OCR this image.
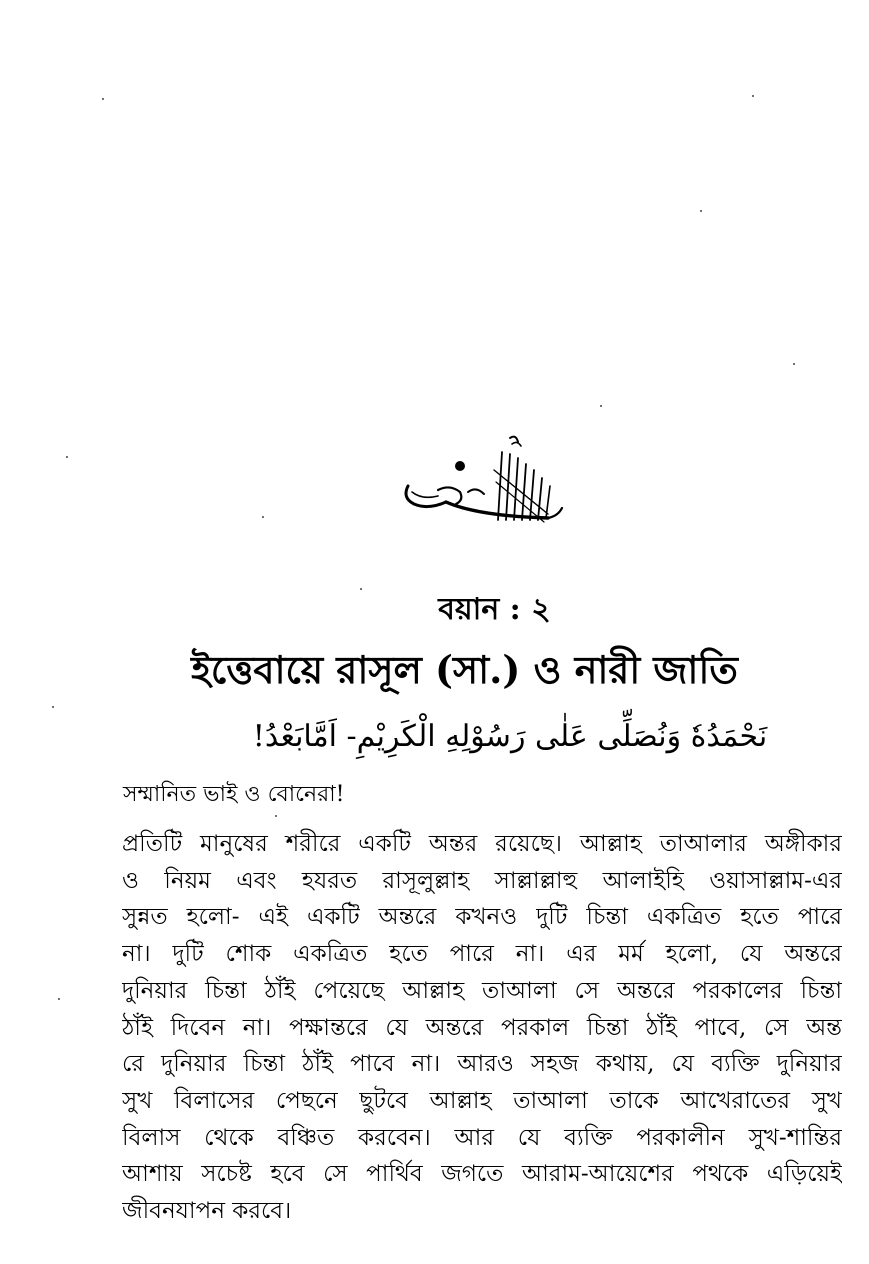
বয়ান : ২
ইত্তেবায়ে রাসূল (সা.) ও নারী জাতি
نَحْمَدُهٗ وَنُصَلِّى عَلٰى رَسُوْلِهِ الْكَرِيْمِ- اَمَّابَعْدُ!
সম্মানিত ভাই ও বোনেরা!
প্রতিটি মানুষের শরীরে একটি অন্তর রয়েছে। আল্লাহ তাআলার অঙ্গীকার
ও নিয়ম এবং হযরত রাসূলুল্লাহ সাল্লাল্লাহু আলাইহি ওয়াসাল্লাম-এর
সুন্নত হলো- এই একটি অন্তরে কখনও দুটি চিন্তা একত্রিত হতে পারে
না। দুটি শোক একত্রিত হতে পারে না। এর মর্ম হলো, যে অন্তরে
দুনিয়ার চিন্তা ঠাঁই পেয়েছে আল্লাহ তাআলা সে অন্তরে পরকালের চিন্তা
ঠাঁই দিবেন না। পক্ষান্তরে যে অন্তরে পরকাল চিন্তা ঠাঁই পাবে, সে অন্ত
রে দুনিয়ার চিন্তা ঠাঁই পাবে না। আরও সহজ কথায়, যে ব্যক্তি দুনিয়ার
সুখ বিলাসের পেছনে ছুটবে আল্লাহ তাআলা তাকে আখেরাতের সুখ
বিলাস থেকে বঞ্চিত করবেন। আর যে ব্যক্তি পরকালীন সুখ-শান্তির
আশায় সচেষ্ট হবে সে পার্থিব জগতে আরাম-আয়েশের পথকে এড়িয়েই
জীবনযাপন করবে।
